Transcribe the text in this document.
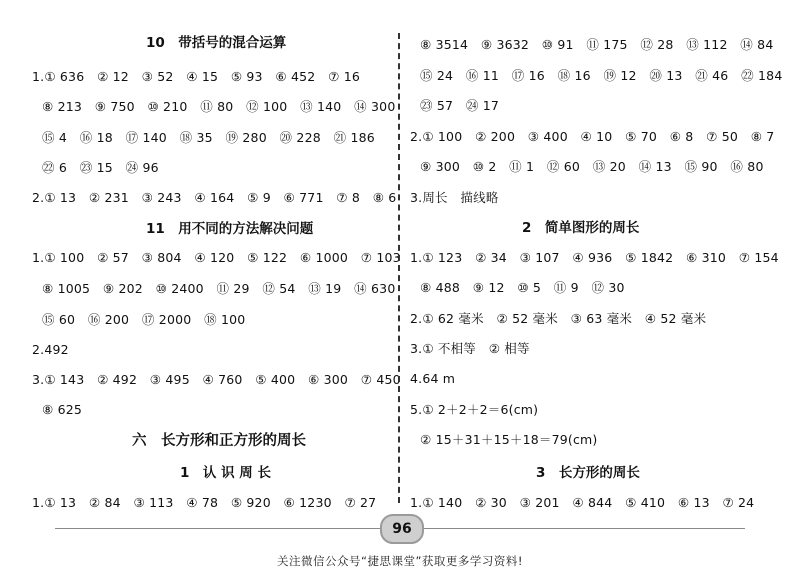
10　带括号的混合运算
1.① 636　② 12　③ 52　④ 15　⑤ 93　⑥ 452　⑦ 16
⑧ 213　⑨ 750　⑩ 210　⑪ 80　⑫ 100　⑬ 140　⑭ 300
⑮ 4　⑯ 18　⑰ 140　⑱ 35　⑲ 280　⑳ 228　㉑ 186
㉒ 6　㉓ 15　㉔ 96
2.① 13　② 231　③ 243　④ 164　⑤ 9　⑥ 771　⑦ 8　⑧ 6
11　用不同的方法解决问题
1.① 100　② 57　③ 804　④ 120　⑤ 122　⑥ 1000　⑦ 103
⑧ 1005　⑨ 202　⑩ 2400　⑪ 29　⑫ 54　⑬ 19　⑭ 630
⑮ 60　⑯ 200　⑰ 2000　⑱ 100
2.492
3.① 143　② 492　③ 495　④ 760　⑤ 400　⑥ 300　⑦ 450
⑧ 625
六　长方形和正方形的周长
1　认 识 周 长
1.① 13　② 84　③ 113　④ 78　⑤ 920　⑥ 1230　⑦ 27
⑧ 3514　⑨ 3632　⑩ 91　⑪ 175　⑫ 28　⑬ 112　⑭ 84
⑮ 24　⑯ 11　⑰ 16　⑱ 16　⑲ 12　⑳ 13　㉑ 46　㉒ 184
㉓ 57　㉔ 17
2.① 100　② 200　③ 400　④ 10　⑤ 70　⑥ 8　⑦ 50　⑧ 7
⑨ 300　⑩ 2　⑪ 1　⑫ 60　⑬ 20　⑭ 13　⑮ 90　⑯ 80
3.周长　描线略
2　简单图形的周长
1.① 123　② 34　③ 107　④ 936　⑤ 1842　⑥ 310　⑦ 154
⑧ 488　⑨ 12　⑩ 5　⑪ 9　⑫ 30
2.① 62 毫米　② 52 毫米　③ 63 毫米　④ 52 毫米
3.① 不相等　② 相等
4.64 m
5.① 2＋2＋2＝6(cm)
② 15＋31＋15＋18＝79(cm)
3　长方形的周长
1.① 140　② 30　③ 201　④ 844　⑤ 410　⑥ 13　⑦ 24
96
关注微信公众号“捷思课堂”获取更多学习资料!
